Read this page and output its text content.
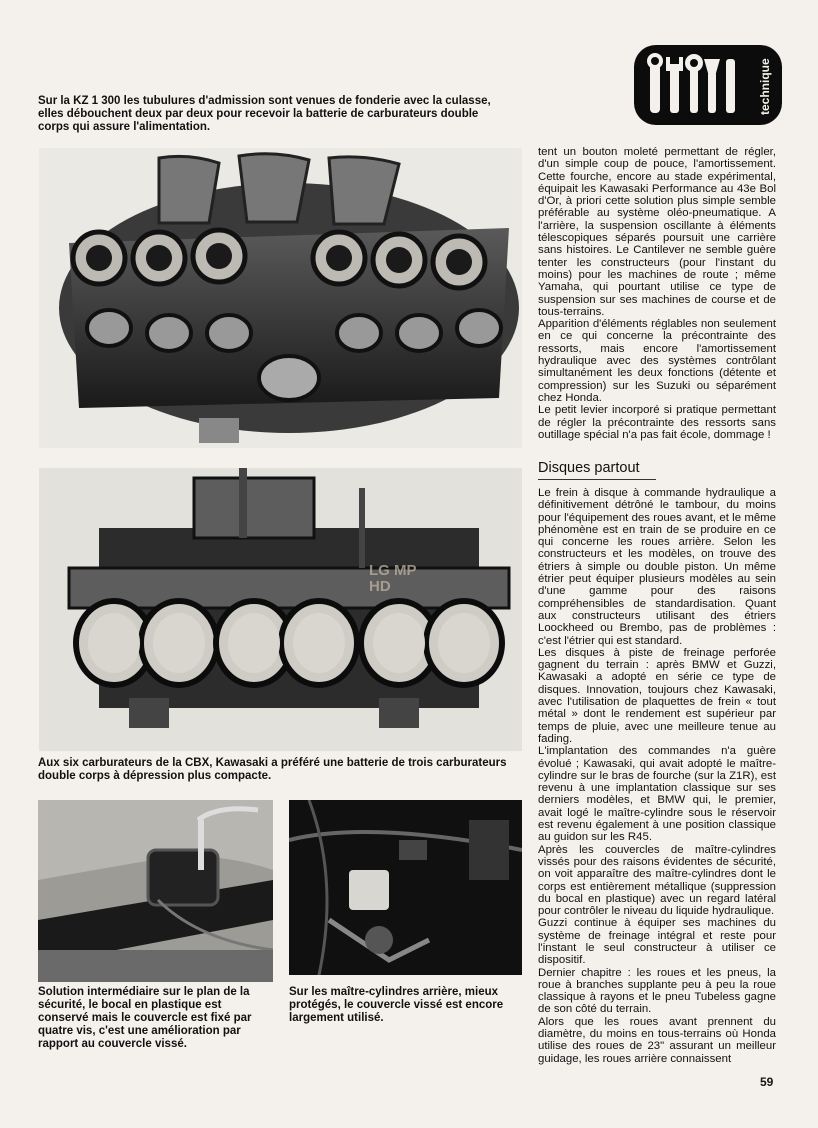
technique
Sur la KZ 1 300 les tubulures d'admission sont venues de fonderie avec la culasse, elles débouchent deux par deux pour recevoir la batterie de carburateurs double corps qui assure l'alimentation.
LG MP HD
Aux six carburateurs de la CBX, Kawasaki a préféré une batterie de trois carburateurs double corps à dépression plus compacte.
Solution intermédiaire sur le plan de la sécurité, le bocal en plastique est conservé mais le couvercle est fixé par quatre vis, c'est une amélioration par rapport au couvercle vissé.
Sur les maître-cylindres arrière, mieux protégés, le couvercle vissé est encore largement utilisé.

tent un bouton moleté permettant de régler, d'un simple coup de pouce, l'amortissement. Cette fourche, encore au stade expérimental, équipait les Kawasaki Performance au 43e Bol d'Or, à priori cette solution plus simple semble préférable au système oléo-pneumatique. A l'arrière, la suspension oscillante à éléments télescopiques séparés poursuit une carrière sans histoires. Le Cantilever ne semble guère tenter les constructeurs (pour l'instant du moins) pour les machines de route ; même Yamaha, qui pourtant utilise ce type de suspension sur ses machines de course et de tous-terrains.

Apparition d'éléments réglables non seulement en ce qui concerne la précontrainte des ressorts, mais encore l'amortissement hydraulique avec des systèmes contrôlant simultanément les deux fonctions (détente et compression) sur les Suzuki ou séparément chez Honda.

Le petit levier incorporé si pratique permettant de régler la précontrainte des ressorts sans outillage spécial n'a pas fait école, dommage !

Disques partout

Le frein à disque à commande hydraulique a définitivement détrôné le tambour, du moins pour l'équipement des roues avant, et le même phénomène est en train de se produire en ce qui concerne les roues arrière. Selon les constructeurs et les modèles, on trouve des étriers à simple ou double piston. Un même étrier peut équiper plusieurs modèles au sein d'une gamme pour des raisons compréhensibles de standardisation. Quant aux constructeurs utilisant des étriers Loockheed ou Brembo, pas de problèmes : c'est l'étrier qui est standard.

Les disques à piste de freinage perforée gagnent du terrain : après BMW et Guzzi, Kawasaki a adopté en série ce type de disques. Innovation, toujours chez Kawasaki, avec l'utilisation de plaquettes de frein « tout métal » dont le rendement est supérieur par temps de pluie, avec une meilleure tenue au fading.

L'implantation des commandes n'a guère évolué ; Kawasaki, qui avait adopté le maître-cylindre sur le bras de fourche (sur la Z1R), est revenu à une implantation classique sur ses derniers modèles, et BMW qui, le premier, avait logé le maître-cylindre sous le réservoir est revenu également à une position classique au guidon sur les R45.

Après les couvercles de maître-cylindres vissés pour des raisons évidentes de sécurité, on voit apparaître des maître-cylindres dont le corps est entièrement métallique (suppression du bocal en plastique) avec un regard latéral pour contrôler le niveau du liquide hydraulique.

Guzzi continue à équiper ses machines du système de freinage intégral et reste pour l'instant le seul constructeur à utiliser ce dispositif.

Dernier chapitre : les roues et les pneus, la roue à branches supplante peu à peu la roue classique à rayons et le pneu Tubeless gagne de son côté du terrain.

Alors que les roues avant prennent du diamètre, du moins en tous-terrains où Honda utilise des roues de 23" assurant un meilleur guidage, les roues arrière connaissent

59
